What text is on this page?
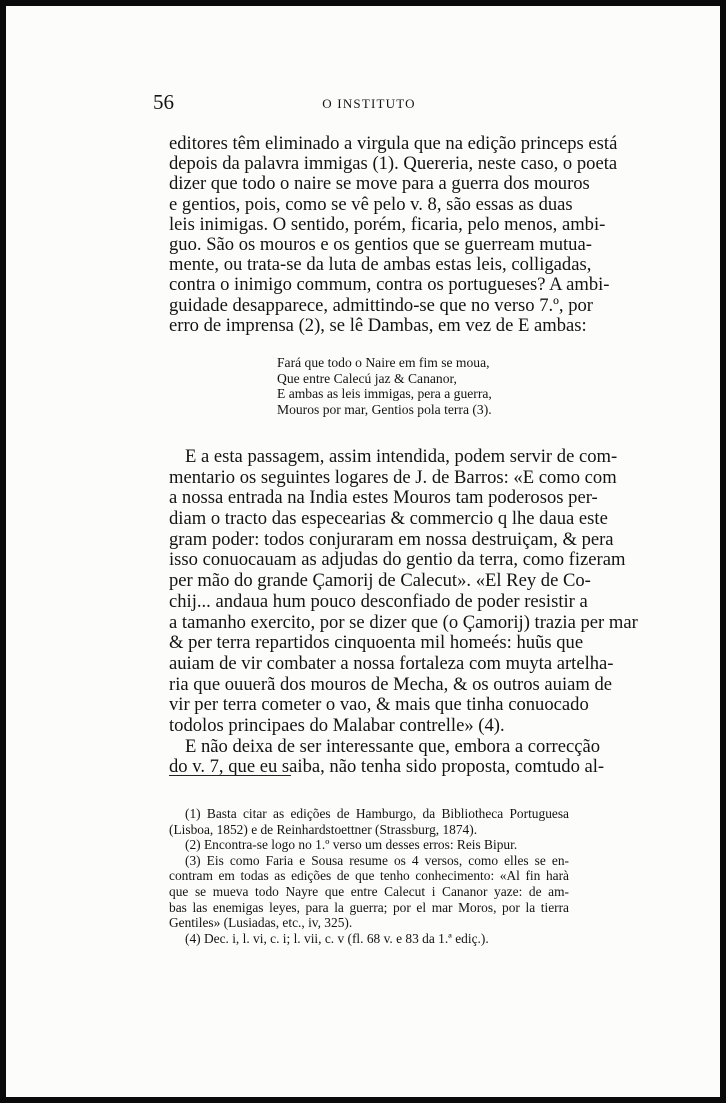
56	O INSTITUTO
editores têm eliminado a virgula que na edição princeps está
depois da palavra immigas (1). Quereria, neste caso, o poeta
dizer que todo o naire se move para a guerra dos mouros
e gentios, pois, como se vê pelo v. 8, são essas as duas
leis inimigas. O sentido, porém, ficaria, pelo menos, ambi-
guo. São os mouros e os gentios que se guerream mutua-
mente, ou trata-se da luta de ambas estas leis, colligadas,
contra o inimigo commum, contra os portugueses? A ambi-
guidade desapparece, admittindo-se que no verso 7.º, por
erro de imprensa (2), se lê Dambas, em vez de E ambas:
Fará que todo o Naire em fim se moua,
Que entre Calecú jaz & Cananor,
E ambas as leis immigas, pera a guerra,
Mouros por mar, Gentios pola terra (3).
E a esta passagem, assim intendida, podem servir de com-
mentario os seguintes logares de J. de Barros: «E como com
a nossa entrada na India estes Mouros tam poderosos per-
diam o tracto das especearias & commercio q lhe daua este
gram poder: todos conjuraram em nossa destruiçam, & pera
isso conuocauam as adjudas do gentio da terra, como fizeram
per mão do grande Çamorij de Calecut». «El Rey de Co-
chij... andaua hum pouco desconfiado de poder resistir a
a tamanho exercito, por se dizer que (o Çamorij) trazia per mar
& per terra repartidos cinquoenta mil homeés: huũs que
auiam de vir combater a nossa fortaleza com muyta artelha-
ria que ouuerã dos mouros de Mecha, & os outros auiam de
vir per terra cometer o vao, & mais que tinha conuocado
todolos principaes do Malabar contrelle» (4).
E não deixa de ser interessante que, embora a correcção
do v. 7, que eu saiba, não tenha sido proposta, comtudo al-
(1) Basta citar as edições de Hamburgo, da Bibliotheca Portuguesa
(Lisboa, 1852) e de Reinhardstoettner (Strassburg, 1874).
(2) Encontra-se logo no 1.º verso um desses erros: Reis Bipur.
(3) Eis como Faria e Sousa resume os 4 versos, como elles se en-
contram em todas as edições de que tenho conhecimento: «Al fin harà
que se mueva todo Nayre que entre Calecut i Cananor yaze: de am-
bas las enemigas leyes, para la guerra; por el mar Moros, por la tierra
Gentiles» (Lusiadas, etc., iv, 325).
(4) Dec. i, l. vi, c. i; l. vii, c. v (fl. 68 v. e 83 da 1.ª ediç.).
